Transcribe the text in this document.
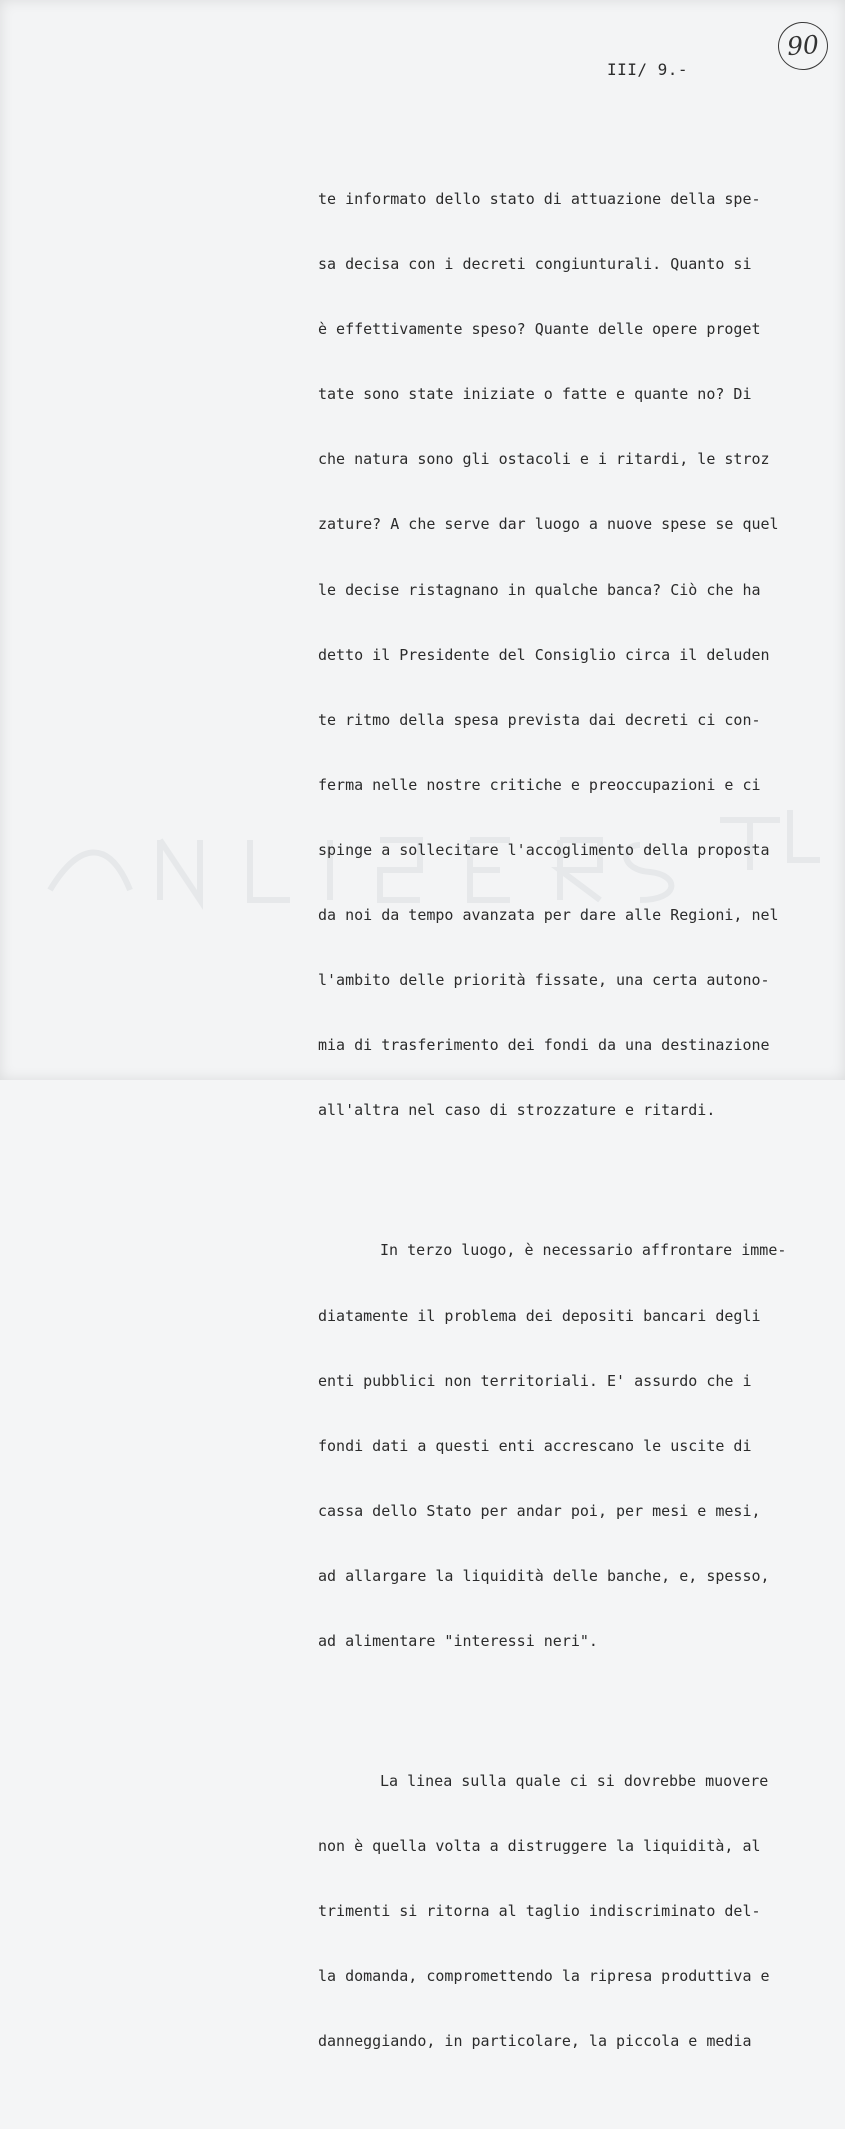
III/ 9.-
90

te informato dello stato di attuazione della spe-

sa decisa con i decreti congiunturali. Quanto si

è effettivamente speso? Quante delle opere proget

tate sono state iniziate o fatte e quante no? Di

che natura sono gli ostacoli e i ritardi, le stroz

zature? A che serve dar luogo a nuove spese se quel

le decise ristagnano in qualche banca? Ciò che ha

detto il Presidente del Consiglio circa il deluden

te ritmo della spesa prevista dai decreti ci con-

ferma nelle nostre critiche e preoccupazioni e ci

spinge a sollecitare l'accoglimento della proposta

da noi da tempo avanzata per dare alle Regioni, nel

l'ambito delle priorità fissate, una certa autono-

mia di trasferimento dei fondi da una destinazione

all'altra nel caso di strozzature e ritardi.

In terzo luogo, è necessario affrontare imme-

diatamente il problema dei depositi bancari degli

enti pubblici non territoriali. E' assurdo che i

fondi dati a questi enti accrescano le uscite di

cassa dello Stato per andar poi, per mesi e mesi,

ad allargare la liquidità delle banche, e, spesso,

ad alimentare "interessi neri".

La linea sulla quale ci si dovrebbe muovere

non è quella volta a distruggere la liquidità, al

trimenti si ritorna al taglio indiscriminato del-

la domanda, compromettendo la ripresa produttiva e

danneggiando, in particolare, la piccola e media
